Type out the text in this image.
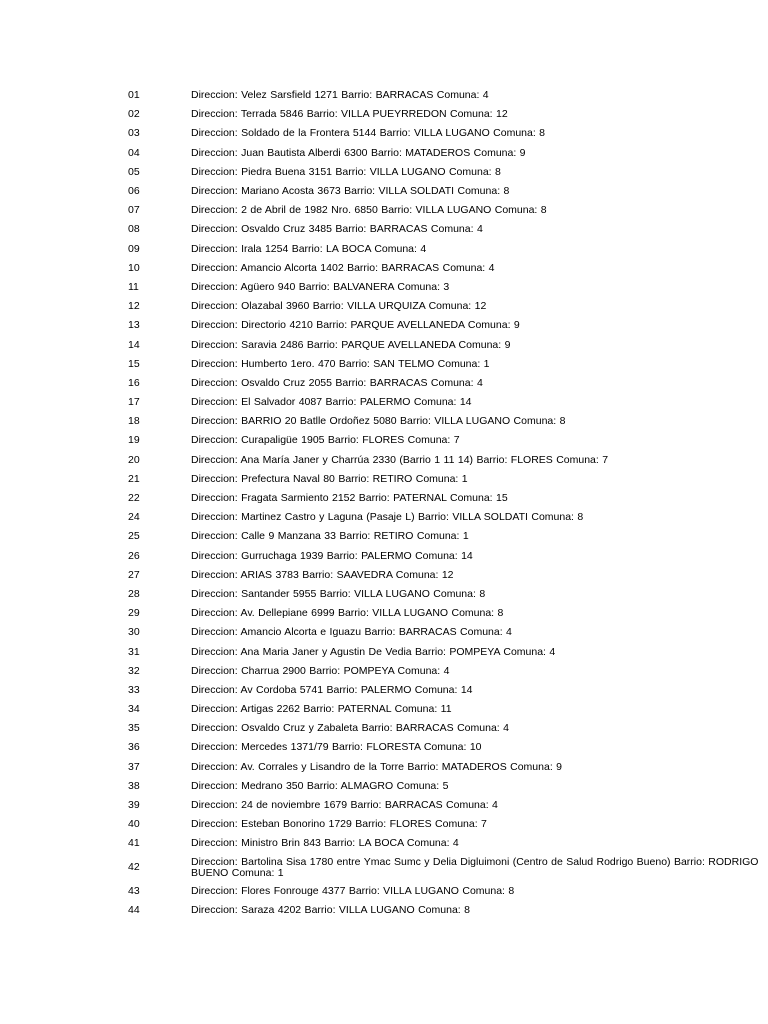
01	Direccion: Velez Sarsfield 1271 Barrio: BARRACAS Comuna: 4
02	Direccion: Terrada 5846 Barrio: VILLA PUEYRREDON Comuna: 12
03	Direccion: Soldado de la Frontera 5144 Barrio: VILLA LUGANO Comuna: 8
04	Direccion: Juan Bautista Alberdi 6300 Barrio: MATADEROS Comuna: 9
05	Direccion: Piedra Buena 3151 Barrio: VILLA LUGANO Comuna: 8
06	Direccion: Mariano Acosta 3673 Barrio: VILLA SOLDATI Comuna: 8
07	Direccion: 2 de Abril de 1982 Nro. 6850 Barrio: VILLA LUGANO Comuna: 8
08	Direccion: Osvaldo Cruz 3485 Barrio: BARRACAS Comuna: 4
09	Direccion: Irala 1254 Barrio: LA BOCA Comuna: 4
10	Direccion: Amancio Alcorta 1402 Barrio: BARRACAS Comuna: 4
11	Direccion: Agüero 940 Barrio: BALVANERA Comuna: 3
12	Direccion: Olazabal 3960 Barrio: VILLA URQUIZA Comuna: 12
13	Direccion: Directorio 4210 Barrio: PARQUE AVELLANEDA Comuna: 9
14	Direccion: Saravia 2486 Barrio: PARQUE AVELLANEDA Comuna: 9
15	Direccion: Humberto 1ero. 470 Barrio: SAN TELMO Comuna: 1
16	Direccion: Osvaldo Cruz 2055 Barrio: BARRACAS Comuna: 4
17	Direccion: El Salvador 4087 Barrio: PALERMO Comuna: 14
18	Direccion: BARRIO 20 Batlle Ordoñez 5080 Barrio: VILLA LUGANO Comuna: 8
19	Direccion: Curapaligüe 1905 Barrio: FLORES Comuna: 7
20	Direccion: Ana María Janer y Charrúa 2330 (Barrio 1 11 14) Barrio: FLORES Comuna: 7
21	Direccion: Prefectura Naval 80 Barrio: RETIRO Comuna: 1
22	Direccion: Fragata Sarmiento 2152 Barrio: PATERNAL Comuna: 15
24	Direccion: Martinez Castro y Laguna (Pasaje L) Barrio: VILLA SOLDATI Comuna: 8
25	Direccion: Calle 9 Manzana 33 Barrio: RETIRO Comuna: 1
26	Direccion: Gurruchaga 1939 Barrio: PALERMO Comuna: 14
27	Direccion: ARIAS 3783 Barrio: SAAVEDRA Comuna: 12
28	Direccion: Santander 5955 Barrio: VILLA LUGANO Comuna: 8
29	Direccion: Av. Dellepiane 6999 Barrio: VILLA LUGANO Comuna: 8
30	Direccion: Amancio Alcorta e Iguazu Barrio: BARRACAS Comuna: 4
31	Direccion: Ana Maria Janer y Agustin De Vedia Barrio: POMPEYA Comuna: 4
32	Direccion: Charrua 2900 Barrio: POMPEYA Comuna: 4
33	Direccion: Av Cordoba 5741 Barrio: PALERMO Comuna: 14
34	Direccion: Artigas 2262 Barrio: PATERNAL Comuna: 11
35	Direccion: Osvaldo Cruz y Zabaleta Barrio: BARRACAS Comuna: 4
36	Direccion: Mercedes 1371/79 Barrio: FLORESTA Comuna: 10
37	Direccion: Av. Corrales y Lisandro de la Torre Barrio: MATADEROS Comuna: 9
38	Direccion: Medrano 350 Barrio: ALMAGRO Comuna: 5
39	Direccion: 24 de noviembre 1679 Barrio: BARRACAS Comuna: 4
40	Direccion: Esteban Bonorino 1729 Barrio: FLORES Comuna: 7
41	Direccion: Ministro Brin 843 Barrio: LA BOCA Comuna: 4
42	Direccion: Bartolina Sisa 1780 entre Ymac Sumc y Delia Digluimoni (Centro de Salud Rodrigo Bueno) Barrio: RODRIGO BUENO Comuna: 1
43	Direccion: Flores Fonrouge 4377 Barrio: VILLA LUGANO Comuna: 8
44	Direccion: Saraza 4202 Barrio: VILLA LUGANO Comuna: 8
